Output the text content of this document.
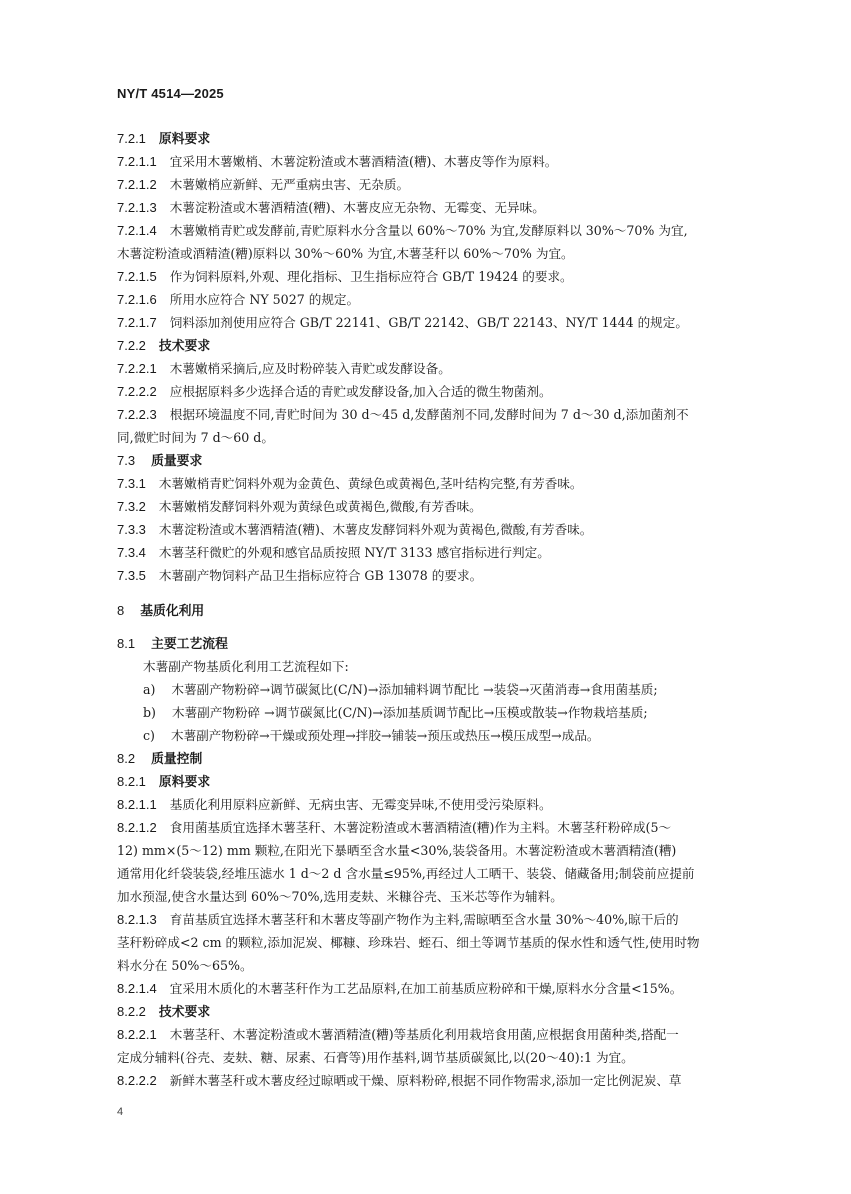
NY/T 4514—2025
7.2.1 原料要求
7.2.1.1 宜采用木薯嫩梢、木薯淀粉渣或木薯酒精渣(糟)、木薯皮等作为原料。
7.2.1.2 木薯嫩梢应新鲜、无严重病虫害、无杂质。
7.2.1.3 木薯淀粉渣或木薯酒精渣(糟)、木薯皮应无杂物、无霉变、无异味。
7.2.1.4 木薯嫩梢青贮或发酵前,青贮原料水分含量以 60%～70% 为宜,发酵原料以 30%～70% 为宜,
木薯淀粉渣或酒精渣(糟)原料以 30%～60% 为宜,木薯茎秆以 60%～70% 为宜。
7.2.1.5 作为饲料原料,外观、理化指标、卫生指标应符合 GB/T 19424 的要求。
7.2.1.6 所用水应符合 NY 5027 的规定。
7.2.1.7 饲料添加剂使用应符合 GB/T 22141、GB/T 22142、GB/T 22143、NY/T 1444 的规定。
7.2.2 技术要求
7.2.2.1 木薯嫩梢采摘后,应及时粉碎装入青贮或发酵设备。
7.2.2.2 应根据原料多少选择合适的青贮或发酵设备,加入合适的微生物菌剂。
7.2.2.3 根据环境温度不同,青贮时间为 30 d～45 d,发酵菌剂不同,发酵时间为 7 d～30 d,添加菌剂不
同,微贮时间为 7 d～60 d。
7.3 质量要求
7.3.1 木薯嫩梢青贮饲料外观为金黄色、黄绿色或黄褐色,茎叶结构完整,有芳香味。
7.3.2 木薯嫩梢发酵饲料外观为黄绿色或黄褐色,微酸,有芳香味。
7.3.3 木薯淀粉渣或木薯酒精渣(糟)、木薯皮发酵饲料外观为黄褐色,微酸,有芳香味。
7.3.4 木薯茎秆微贮的外观和感官品质按照 NY/T 3133 感官指标进行判定。
7.3.5 木薯副产物饲料产品卫生指标应符合 GB 13078 的要求。
8 基质化利用
8.1 主要工艺流程
木薯副产物基质化利用工艺流程如下:
a) 木薯副产物粉碎→调节碳氮比(C/N)→添加辅料调节配比 →装袋→灭菌消毒→食用菌基质;
b) 木薯副产物粉碎 →调节碳氮比(C/N)→添加基质调节配比→压模或散装→作物栽培基质;
c) 木薯副产物粉碎→干燥或预处理→拌胶→铺装→预压或热压→模压成型→成品。
8.2 质量控制
8.2.1 原料要求
8.2.1.1 基质化利用原料应新鲜、无病虫害、无霉变异味,不使用受污染原料。
8.2.1.2 食用菌基质宜选择木薯茎秆、木薯淀粉渣或木薯酒精渣(糟)作为主料。木薯茎秆粉碎成(5～
12) mm×(5～12) mm 颗粒,在阳光下暴晒至含水量<30%,装袋备用。木薯淀粉渣或木薯酒精渣(糟)
通常用化纤袋装袋,经堆压滤水 1 d～2 d 含水量≤95%,再经过人工晒干、装袋、储藏备用;制袋前应提前
加水预湿,使含水量达到 60%～70%,选用麦麸、米糠谷壳、玉米芯等作为辅料。
8.2.1.3 育苗基质宜选择木薯茎秆和木薯皮等副产物作为主料,需晾晒至含水量 30%～40%,晾干后的
茎秆粉碎成<2 cm 的颗粒,添加泥炭、椰糠、珍珠岩、蛭石、细土等调节基质的保水性和透气性,使用时物
料水分在 50%～65%。
8.2.1.4 宜采用木质化的木薯茎秆作为工艺品原料,在加工前基质应粉碎和干燥,原料水分含量<15%。
8.2.2 技术要求
8.2.2.1 木薯茎秆、木薯淀粉渣或木薯酒精渣(糟)等基质化利用栽培食用菌,应根据食用菌种类,搭配一
定成分辅料(谷壳、麦麸、糖、尿素、石膏等)用作基料,调节基质碳氮比,以(20～40):1 为宜。
8.2.2.2 新鲜木薯茎秆或木薯皮经过晾晒或干燥、原料粉碎,根据不同作物需求,添加一定比例泥炭、草
4
